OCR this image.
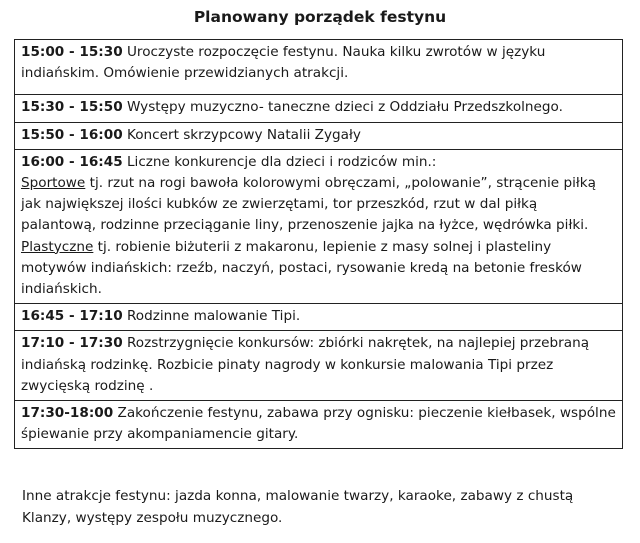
Planowany porządek festynu
15:00 - 15:30 Uroczyste rozpoczęcie festynu. Nauka kilku zwrotów w języku indiańskim. Omówienie przewidzianych atrakcji.
15:30 - 15:50 Występy muzyczno- taneczne dzieci z Oddziału Przedszkolnego.
15:50 - 16:00 Koncert skrzypcowy Natalii Zygały
16:00 - 16:45 Liczne konkurencje dla dzieci i rodziców min.:
Sportowe tj. rzut na rogi bawoła kolorowymi obręczami, „polowanie”, strącenie piłką jak największej ilości kubków ze zwierzętami, tor przeszkód, rzut w dal piłką palantową, rodzinne przeciąganie liny, przenoszenie jajka na łyżce, wędrówka piłki.
Plastyczne tj. robienie biżuterii z makaronu, lepienie z masy solnej i plasteliny motywów indiańskich: rzeźb, naczyń, postaci, rysowanie kredą na betonie fresków indiańskich.
16:45 - 17:10 Rodzinne malowanie Tipi.
17:10 - 17:30 Rozstrzygnięcie konkursów: zbiórki nakrętek, na najlepiej przebraną indiańską rodzinkę. Rozbicie pinaty nagrody w konkursie malowania Tipi przez zwycięską rodzinę .
17:30-18:00 Zakończenie festynu, zabawa przy ognisku: pieczenie kiełbasek, wspólne śpiewanie przy akompaniamencie gitary.
Inne atrakcje festynu: jazda konna, malowanie twarzy, karaoke, zabawy z chustą Klanzy, występy zespołu muzycznego.
